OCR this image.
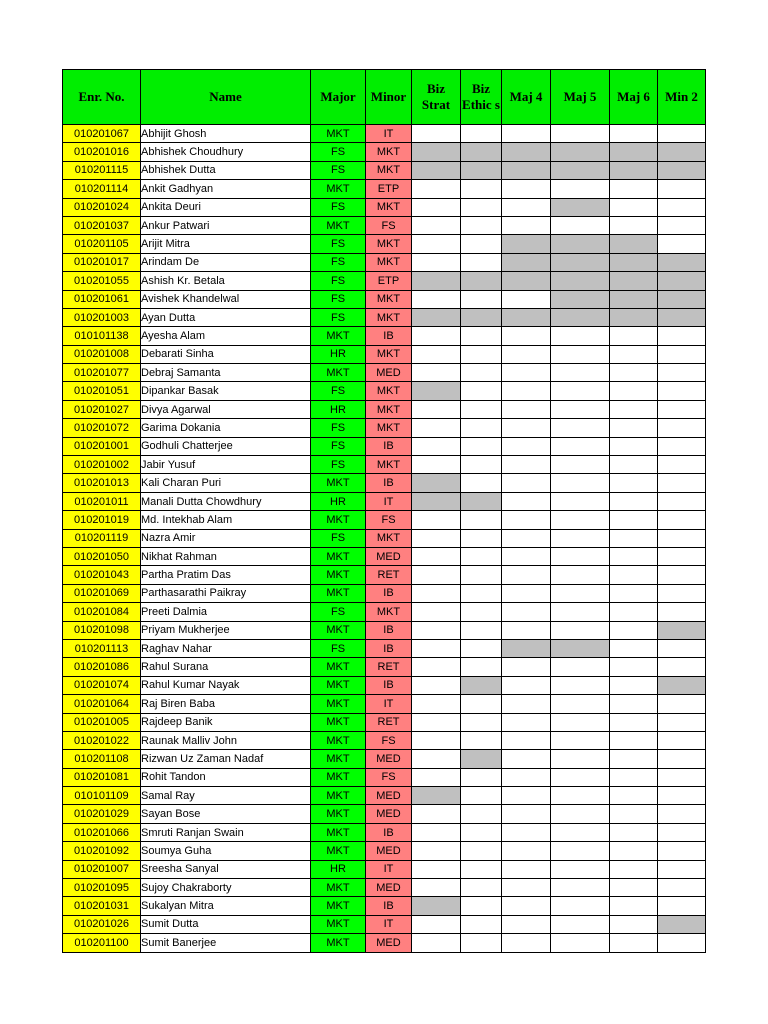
Enr. No.	Name	Major	Minor	Biz Strat	Biz Ethic s	Maj 4	Maj 5	Maj 6	Min 2
010201067	Abhijit Ghosh	MKT	IT						
010201016	Abhishek Choudhury	FS	MKT						
010201115	Abhishek Dutta	FS	MKT						
010201114	Ankit Gadhyan	MKT	ETP						
010201024	Ankita Deuri	FS	MKT						
010201037	Ankur Patwari	MKT	FS						
010201105	Arijit Mitra	FS	MKT						
010201017	Arindam De	FS	MKT						
010201055	Ashish Kr. Betala	FS	ETP						
010201061	Avishek Khandelwal	FS	MKT						
010201003	Ayan Dutta	FS	MKT						
010101138	Ayesha Alam	MKT	IB						
010201008	Debarati Sinha	HR	MKT						
010201077	Debraj Samanta	MKT	MED						
010201051	Dipankar Basak	FS	MKT						
010201027	Divya Agarwal	HR	MKT						
010201072	Garima Dokania	FS	MKT						
010201001	Godhuli Chatterjee	FS	IB						
010201002	Jabir Yusuf	FS	MKT						
010201013	Kali Charan Puri	MKT	IB						
010201011	Manali Dutta Chowdhury	HR	IT						
010201019	Md. Intekhab Alam	MKT	FS						
010201119	Nazra Amir	FS	MKT						
010201050	Nikhat Rahman	MKT	MED						
010201043	Partha Pratim Das	MKT	RET						
010201069	Parthasarathi Paikray	MKT	IB						
010201084	Preeti Dalmia	FS	MKT						
010201098	Priyam Mukherjee	MKT	IB						
010201113	Raghav Nahar	FS	IB						
010201086	Rahul Surana	MKT	RET						
010201074	Rahul Kumar Nayak	MKT	IB						
010201064	Raj Biren Baba	MKT	IT						
010201005	Rajdeep Banik	MKT	RET						
010201022	Raunak Malliv John	MKT	FS						
010201108	Rizwan Uz Zaman Nadaf	MKT	MED						
010201081	Rohit Tandon	MKT	FS						
010101109	Samal Ray	MKT	MED						
010201029	Sayan Bose	MKT	MED						
010201066	Smruti Ranjan Swain	MKT	IB						
010201092	Soumya Guha	MKT	MED						
010201007	Sreesha Sanyal	HR	IT						
010201095	Sujoy Chakraborty	MKT	MED						
010201031	Sukalyan Mitra	MKT	IB						
010201026	Sumit Dutta	MKT	IT						
010201100	Sumit Banerjee	MKT	MED						
